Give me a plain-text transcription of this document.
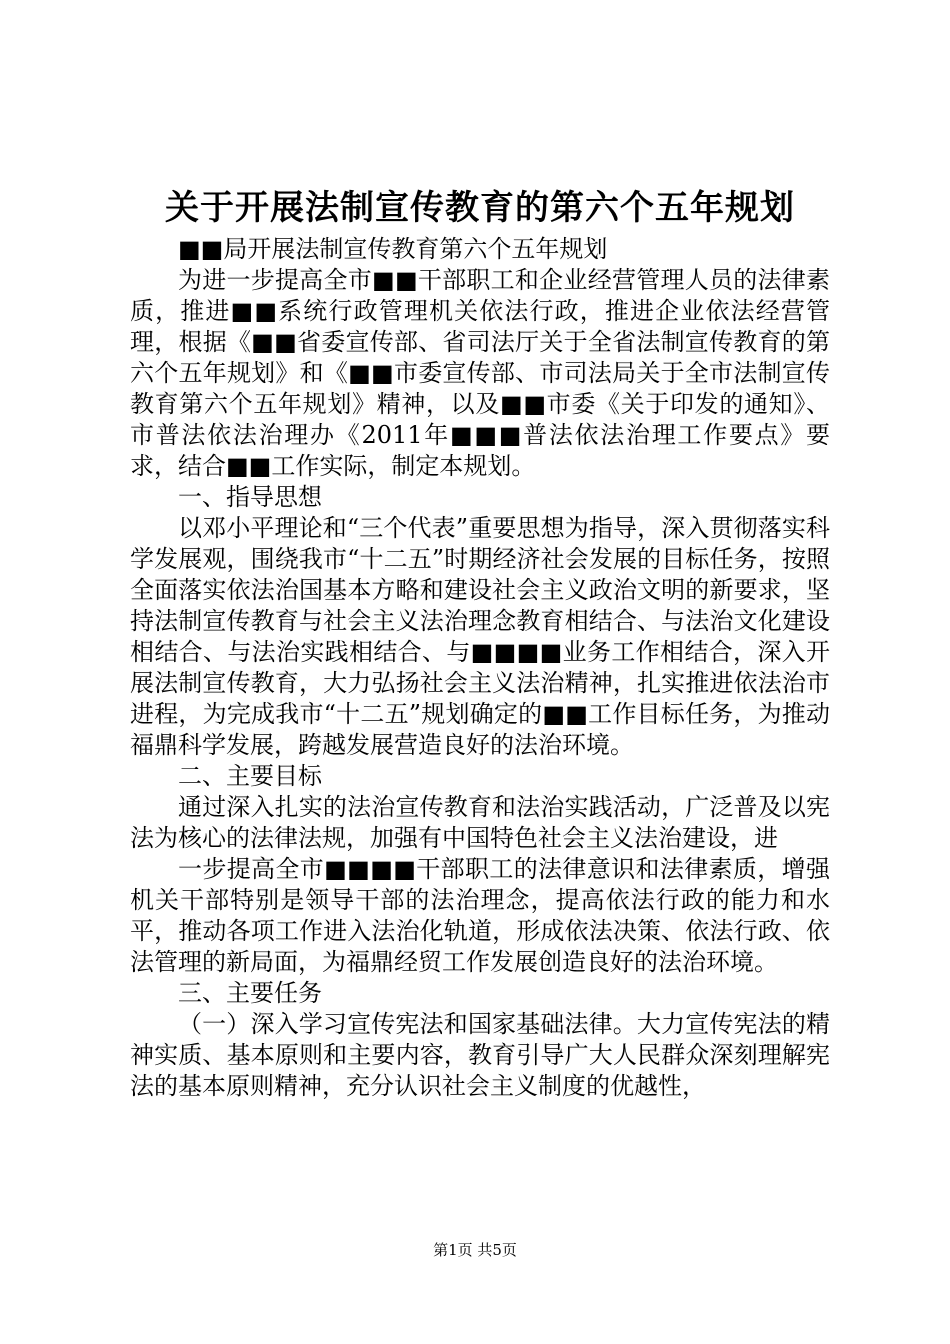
关于开展法制宣传教育的第六个五年规划

■■局开展法制宣传教育第六个五年规划

为进一步提高全市■■干部职工和企业经营管理人员的法律素质，推进■■系统行政管理机关依法行政，推进企业依法经营管理，根据《■■省委宣传部、省司法厅关于全省法制宣传教育的第六个五年规划》和《■■市委宣传部、市司法局关于全市法制宣传教育第六个五年规划》精神，以及■■市委《关于印发的通知》、市普法依法治理办《2011年■■■普法依法治理工作要点》要求，结合■■工作实际，制定本规划。

一、指导思想

以邓小平理论和“三个代表”重要思想为指导，深入贯彻落实科学发展观，围绕我市“十二五”时期经济社会发展的目标任务，按照全面落实依法治国基本方略和建设社会主义政治文明的新要求，坚持法制宣传教育与社会主义法治理念教育相结合、与法治文化建设相结合、与法治实践相结合、与■■■■业务工作相结合，深入开展法制宣传教育，大力弘扬社会主义法治精神，扎实推进依法治市进程，为完成我市“十二五”规划确定的■■工作目标任务，为推动福鼎科学发展，跨越发展营造良好的法治环境。

二、主要目标

通过深入扎实的法治宣传教育和法治实践活动，广泛普及以宪法为核心的法律法规，加强有中国特色社会主义法治建设，进

一步提高全市■■■■干部职工的法律意识和法律素质，增强机关干部特别是领导干部的法治理念，提高依法行政的能力和水平，推动各项工作进入法治化轨道，形成依法决策、依法行政、依法管理的新局面，为福鼎经贸工作发展创造良好的法治环境。

三、主要任务

（一）深入学习宣传宪法和国家基础法律。大力宣传宪法的精神实质、基本原则和主要内容，教育引导广大人民群众深刻理解宪法的基本原则精神，充分认识社会主义制度的优越性，

第1页 共5页
